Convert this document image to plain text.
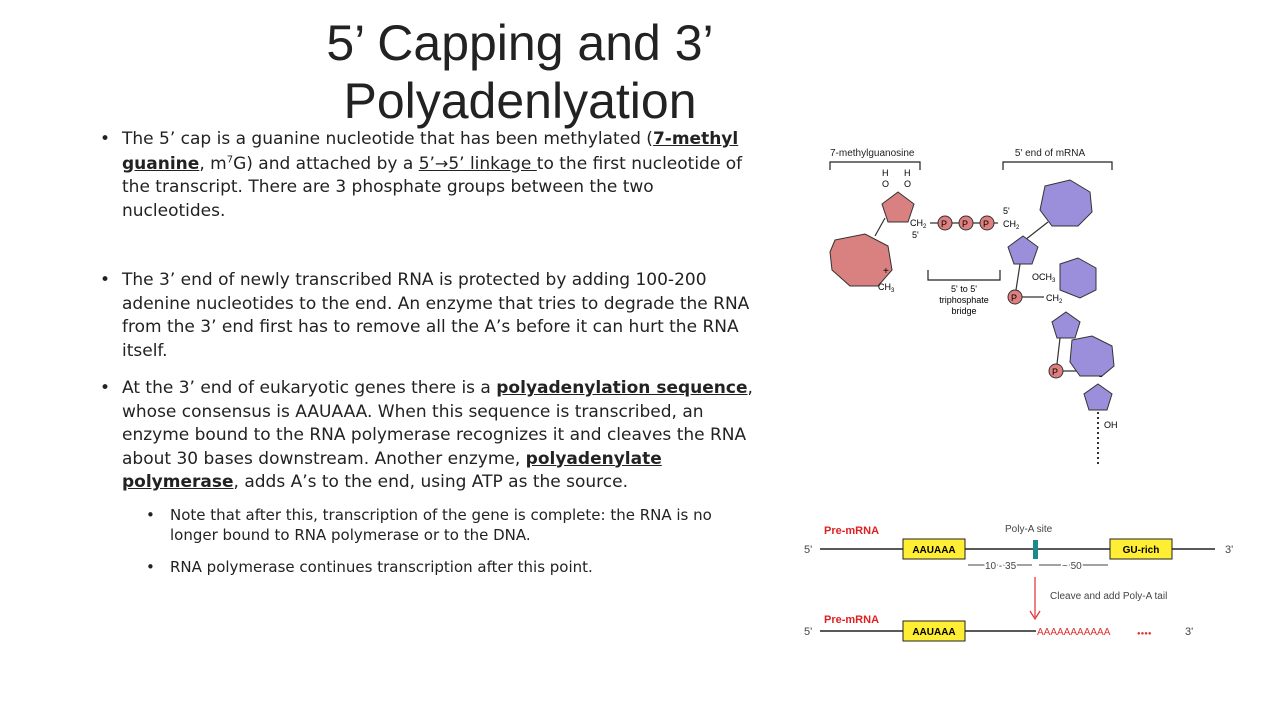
5’ Capping and 3’ Polyadenlyation
• The 5’ cap is a guanine nucleotide that has been methylated (7-methyl guanine, $m^7G$) and attached by a 5’→5’ linkage to the first nucleotide of the transcript. There are 3 phosphate groups between the two nucleotides.
• The 3’ end of newly transcribed RNA is protected by adding 100-200 adenine nucleotides to the end. An enzyme that tries to degrade the RNA from the 3’ end first has to remove all the A’s before it can hurt the RNA itself.
• At the 3’ end of eukaryotic genes there is a polyadenylation sequence, whose consensus is AAUAAA. When this sequence is transcribed, an enzyme bound to the RNA polymerase recognizes it and cleaves the RNA about 30 bases downstream. Another enzyme, polyadenylate polymerase, adds A’s to the end, using ATP as the source.
• Note that after this, transcription of the gene is complete: the RNA is no longer bound to RNA polymerase or to the DNA.
• RNA polymerase continues transcription after this point.
7-methylguanosine	5' end of mRNA
H H
O O
+
$CH_3$
$CH_2$
5'
P P P
5'
$CH_2$
5' to 5'
triphosphate
bridge
$OCH_3$
P	$CH_2$
P
OH
Pre-mRNA	Poly-A site
5'	AAUAAA	GU-rich	3'
10 - 35	~ 50
Cleave and add Poly-A tail
Pre-mRNA
5'	AAUAAA	AAAAAAAAAAA	●●●●	3'
